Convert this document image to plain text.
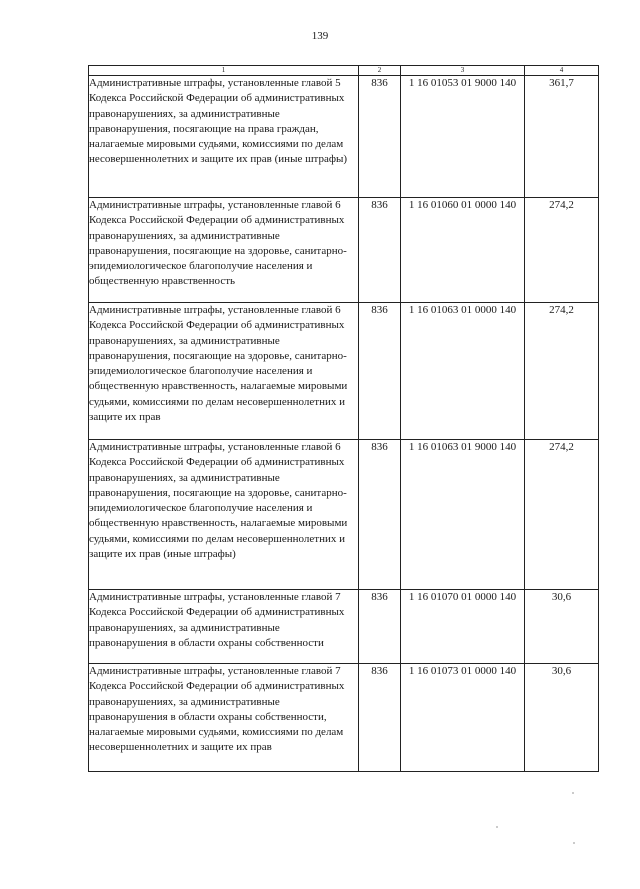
139
1	2	3	4
Административные штрафы, установленные главой 5 Кодекса Российской Федерации об административных правонарушениях, за административные правонарушения, посягающие на права граждан, налагаемые мировыми судьями, комиссиями по делам несовершеннолетних и защите их прав (иные штрафы)	836	1 16 01053 01 9000 140	361,7
Административные штрафы, установленные главой 6 Кодекса Российской Федерации об административных правонарушениях, за административные правонарушения, посягающие на здоровье, санитарно-эпидемиологическое благополучие населения и общественную нравственность	836	1 16 01060 01 0000 140	274,2
Административные штрафы, установленные главой 6 Кодекса Российской Федерации об административных правонарушениях, за административные правонарушения, посягающие на здоровье, санитарно-эпидемиологическое благополучие населения и общественную нравственность, налагаемые мировыми судьями, комиссиями по делам несовершеннолетних и защите их прав	836	1 16 01063 01 0000 140	274,2
Административные штрафы, установленные главой 6 Кодекса Российской Федерации об административных правонарушениях, за административные правонарушения, посягающие на здоровье, санитарно-эпидемиологическое благополучие населения и общественную нравственность, налагаемые мировыми судьями, комиссиями по делам несовершеннолетних и защите их прав (иные штрафы)	836	1 16 01063 01 9000 140	274,2
Административные штрафы, установленные главой 7 Кодекса Российской Федерации об административных правонарушениях, за административные правонарушения в области охраны собственности	836	1 16 01070 01 0000 140	30,6
Административные штрафы, установленные главой 7 Кодекса Российской Федерации об административных правонарушениях, за административные правонарушения в области охраны собственности, налагаемые мировыми судьями, комиссиями по делам несовершеннолетних и защите их прав	836	1 16 01073 01 0000 140	30,6
